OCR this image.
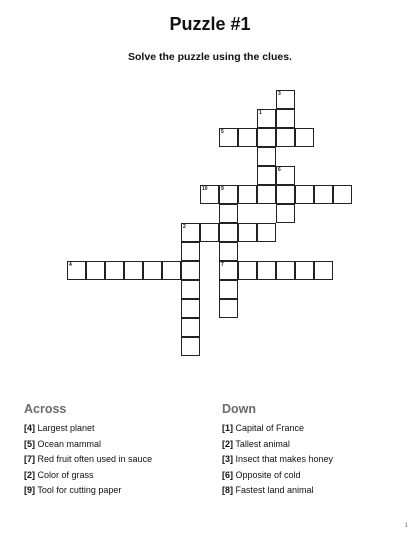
Puzzle #1
Solve the puzzle using the clues.
1
3
5
6
10	9
2
4	7
Across
[4] Largest planet
[5] Ocean mammal
[7] Red fruit often used in sauce
[2] Color of grass
[9] Tool for cutting paper
Down
[1] Capital of France
[2] Tallest animal
[3] Insect that makes honey
[6] Opposite of cold
[8] Fastest land animal
1
